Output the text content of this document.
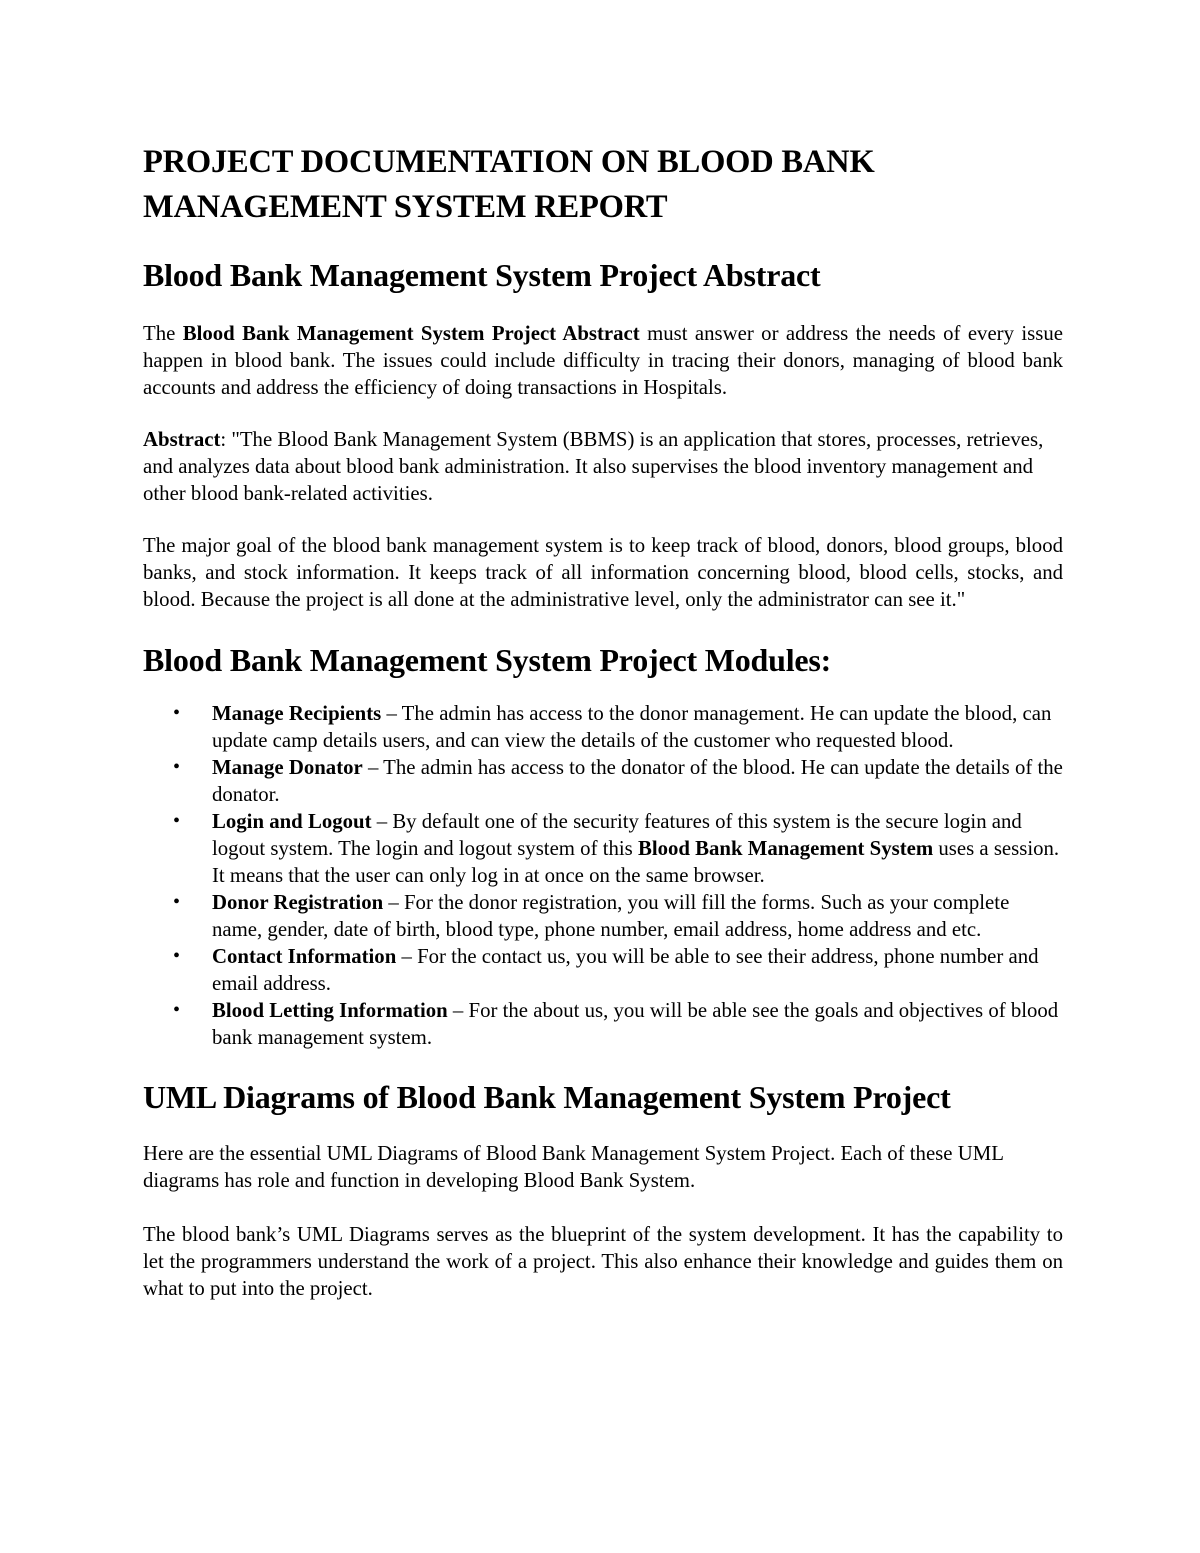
PROJECT DOCUMENTATION ON BLOOD BANK MANAGEMENT SYSTEM REPORT
Blood Bank Management System Project Abstract

The Blood Bank Management System Project Abstract must answer or address the needs of every issue happen in blood bank. The issues could include difficulty in tracing their donors, managing of blood bank accounts and address the efficiency of doing transactions in Hospitals.

Abstract: "The Blood Bank Management System (BBMS) is an application that stores, processes, retrieves, and analyzes data about blood bank administration. It also supervises the blood inventory management and other blood bank-related activities.

The major goal of the blood bank management system is to keep track of blood, donors, blood groups, blood banks, and stock information. It keeps track of all information concerning blood, blood cells, stocks, and blood. Because the project is all done at the administrative level, only the administrator can see it."

Blood Bank Management System Project Modules:
• Manage Recipients – The admin has access to the donor management. He can update the blood, can update camp details users, and can view the details of the customer who requested blood.
• Manage Donator – The admin has access to the donator of the blood. He can update the details of the donator.
• Login and Logout – By default one of the security features of this system is the secure login and logout system. The login and logout system of this Blood Bank Management System uses a session. It means that the user can only log in at once on the same browser.
• Donor Registration – For the donor registration, you will fill the forms. Such as your complete name, gender, date of birth, blood type, phone number, email address, home address and etc.
• Contact Information – For the contact us, you will be able to see their address, phone number and email address.
• Blood Letting Information – For the about us, you will be able see the goals and objectives of blood bank management system.
UML Diagrams of Blood Bank Management System Project

Here are the essential UML Diagrams of Blood Bank Management System Project. Each of these UML diagrams has role and function in developing Blood Bank System.

The blood bank’s UML Diagrams serves as the blueprint of the system development. It has the capability to let the programmers understand the work of a project. This also enhance their knowledge and guides them on what to put into the project.
